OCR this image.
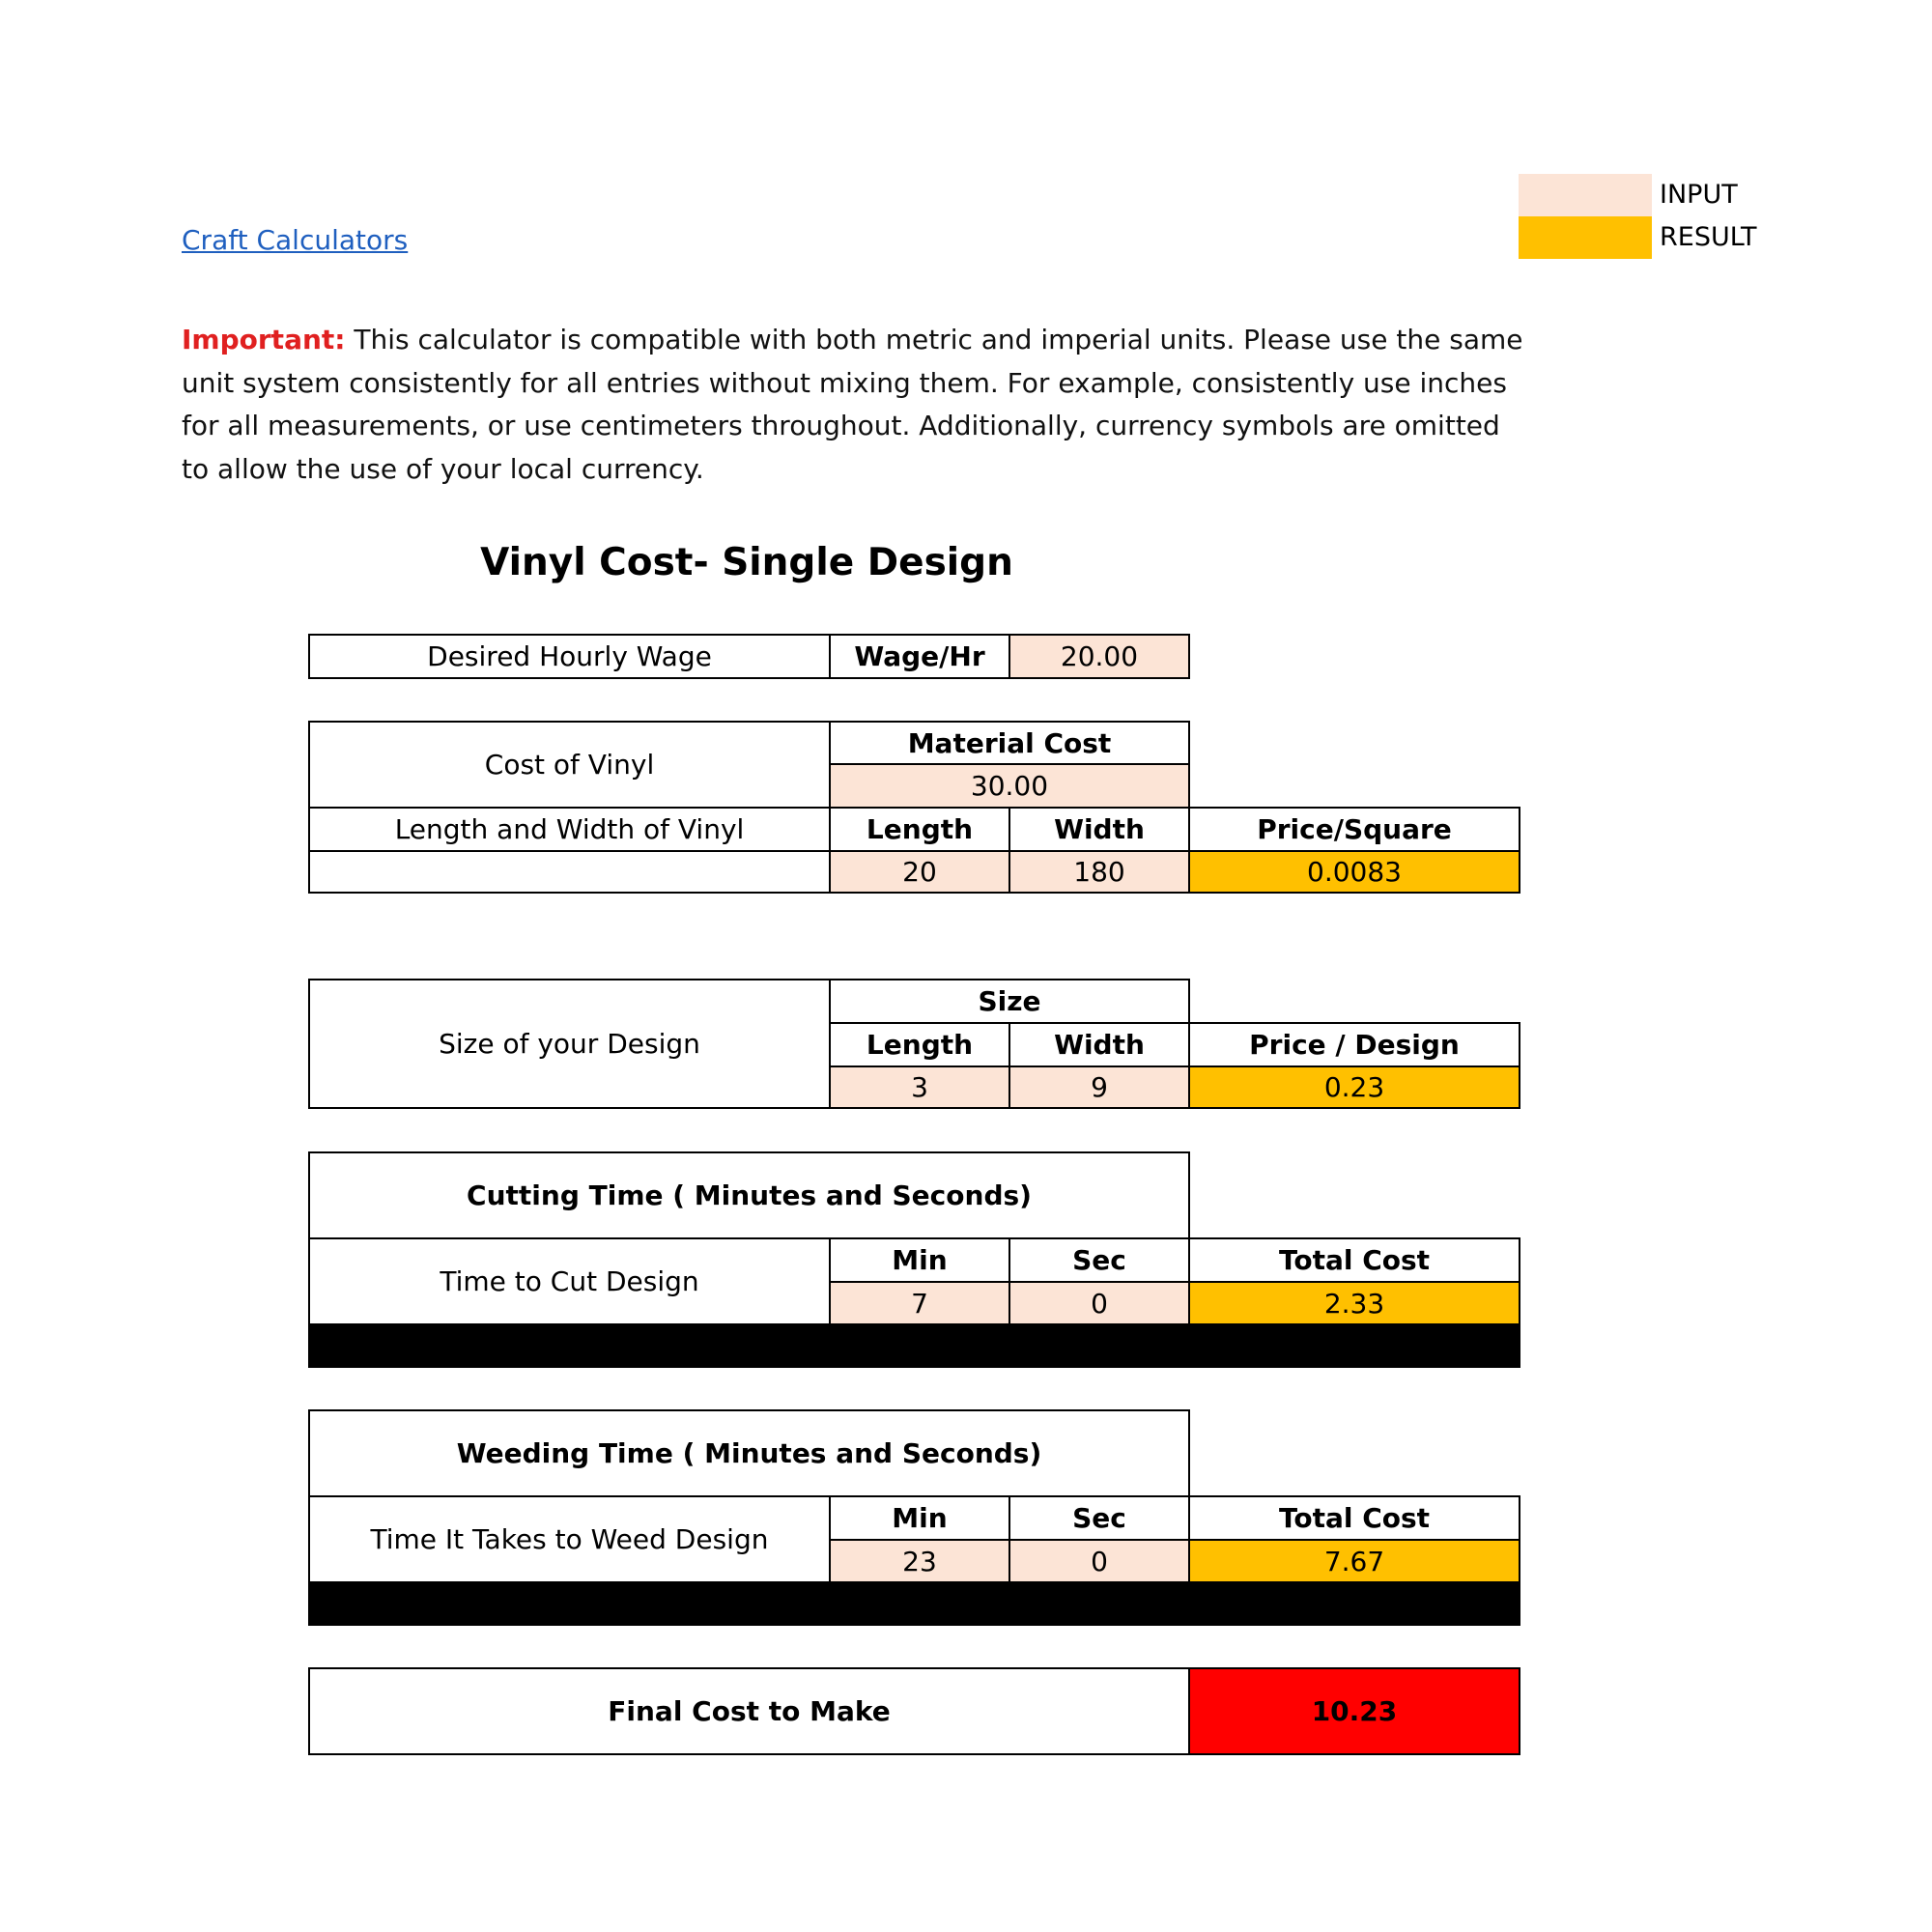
Craft Calculators
INPUT
RESULT
Important: This calculator is compatible with both metric and imperial units. Please use the same unit system consistently for all entries without mixing them. For example, consistently use inches for all measurements, or use centimeters throughout. Additionally, currency symbols are omitted to allow the use of your local currency.
Vinyl Cost- Single Design
Desired Hourly Wage	Wage/Hr	20.00
Cost of Vinyl
Material Cost
30.00
Length and Width of Vinyl	Length	Width	Price/Square
20	180	0.0083
Size of your Design
Size
Length	Width	Price / Design
3	9	0.23
Cutting Time ( Minutes and Seconds)
Time to Cut Design
Min	Sec	Total Cost
7	0	2.33
Weeding Time ( Minutes and Seconds)
Time It Takes to Weed Design
Min	Sec	Total Cost
23	0	7.67
Final Cost to Make	10.23
